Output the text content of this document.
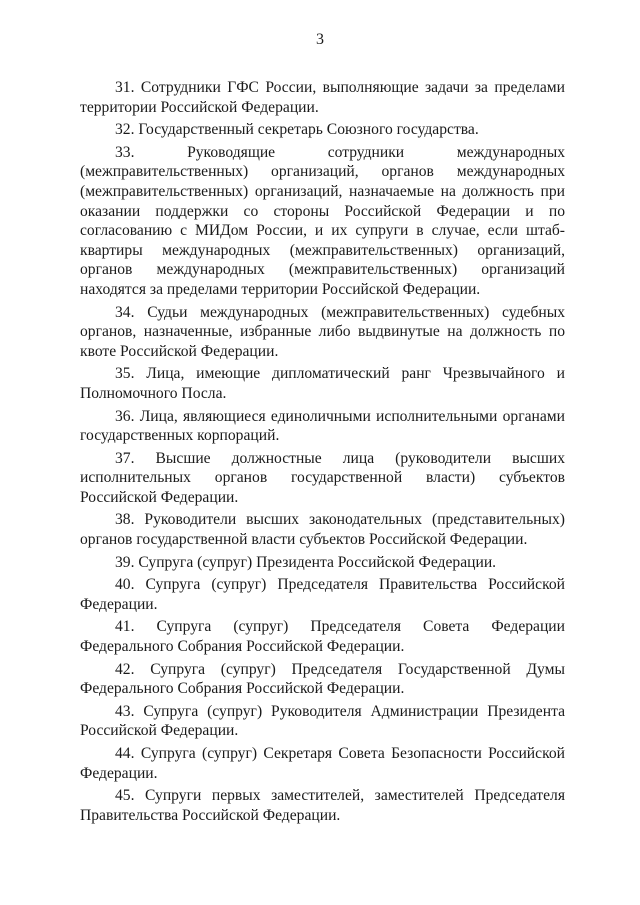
3

31. Сотрудники ГФС России, выполняющие задачи за пределами территории Российской Федерации.

32. Государственный секретарь Союзного государства.

33. Руководящие сотрудники международных (межправительственных) организаций, органов международных (межправительственных) организаций, назначаемые на должность при оказании поддержки со стороны Российской Федерации и по согласованию с МИДом России, и их супруги в случае, если штаб-квартиры международных (межправительственных) организаций, органов международных (межправительственных) организаций находятся за пределами территории Российской Федерации.

34. Судьи международных (межправительственных) судебных органов, назначенные, избранные либо выдвинутые на должность по квоте Российской Федерации.

35. Лица, имеющие дипломатический ранг Чрезвычайного и Полномочного Посла.

36. Лица, являющиеся единоличными исполнительными органами государственных корпораций.

37. Высшие должностные лица (руководители высших исполнительных органов государственной власти) субъектов Российской Федерации.

38. Руководители высших законодательных (представительных) органов государственной власти субъектов Российской Федерации.

39. Супруга (супруг) Президента Российской Федерации.

40. Супруга (супруг) Председателя Правительства Российской Федерации.

41. Супруга (супруг) Председателя Совета Федерации Федерального Собрания Российской Федерации.

42. Супруга (супруг) Председателя Государственной Думы Федерального Собрания Российской Федерации.

43. Супруга (супруг) Руководителя Администрации Президента Российской Федерации.

44. Супруга (супруг) Секретаря Совета Безопасности Российской Федерации.

45. Супруги первых заместителей, заместителей Председателя Правительства Российской Федерации.
